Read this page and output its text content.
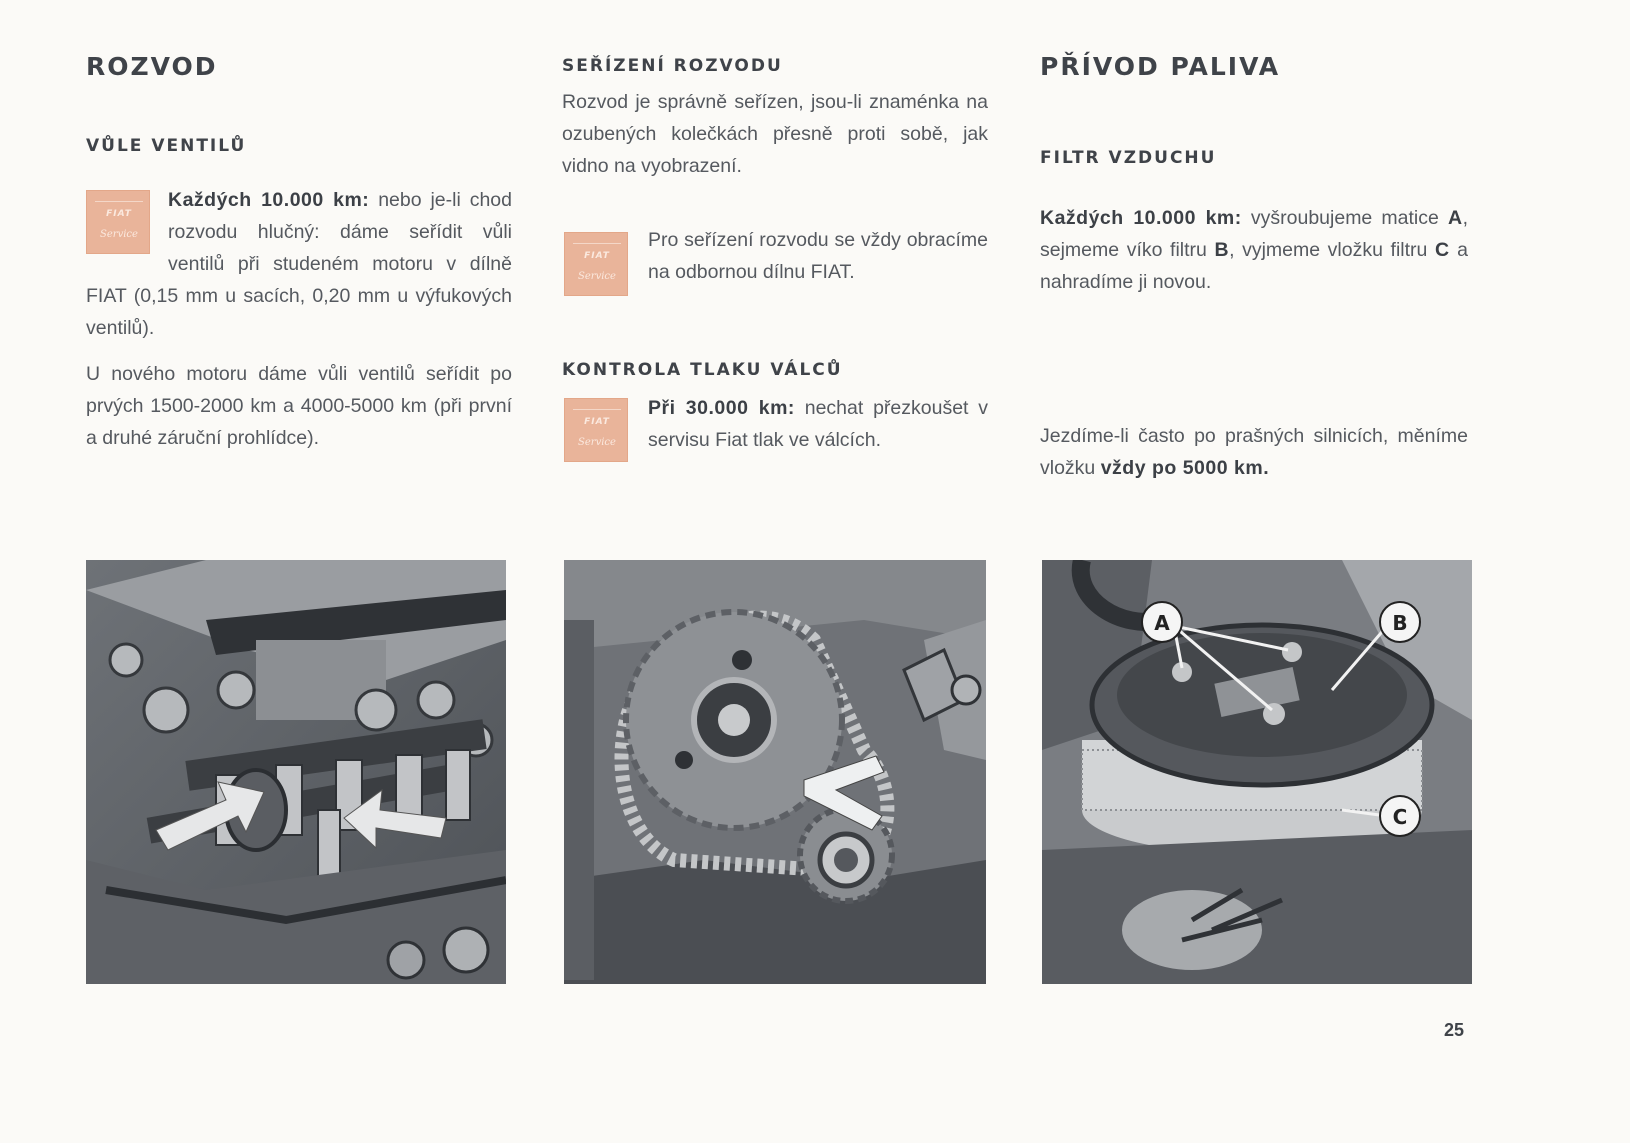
ROZVOD
VŮLE VENTILŮ
FIAT
Service
Každých 10.000 km: nebo je-li chod rozvodu hlučný: dáme seřídit vůli ventilů při studeném motoru v dílně FIAT (0,15 mm u sacích, 0,20 mm u výfukových ventilů).

U nového motoru dáme vůli ventilů seřídit po prvých 1500-2000 km a 4000-5000 km (při první a druhé záruční prohlídce).

SEŘÍZENÍ ROZVODU

Rozvod je správně seřízen, jsou-li znaménka na ozubených kolečkách přesně proti sobě, jak vidno na vyobrazení.

FIAT
Service

Pro seřízení rozvodu se vždy obracíme na odbornou dílnu FIAT.

KONTROLA TLAKU VÁLCŮ
FIAT
Service
Při 30.000 km: nechat přezkoušet v servisu Fiat tlak ve válcích.
PŘÍVOD PALIVA
FILTR VZDUCHU
Každých 10.000 km: vyšroubujeme matice A, sejmeme víko filtru B, vyjmeme vložku filtru C a nahradíme ji novou.
Jezdíme-li často po prašných silnicích, měníme vložku vždy po 5000 km.
A	B
C
25
